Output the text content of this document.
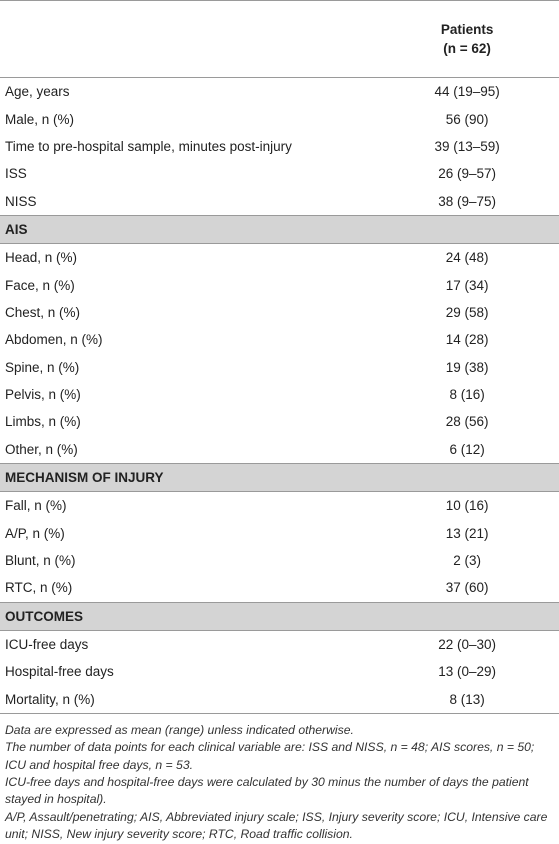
	Patients
(n = 62)

Age, years	44 (19–95)
Male, n (%)	56 (90)
Time to pre-hospital sample, minutes post-injury	39 (13–59)
ISS	26 (9–57)
NISS	38 (9–75)
AIS	
Head, n (%)	24 (48)
Face, n (%)	17 (34)
Chest, n (%)	29 (58)
Abdomen, n (%)	14 (28)
Spine, n (%)	19 (38)
Pelvis, n (%)	8 (16)
Limbs, n (%)	28 (56)
Other, n (%)	6 (12)
MECHANISM OF INJURY	
Fall, n (%)	10 (16)
A/P, n (%)	13 (21)
Blunt, n (%)	2 (3)
RTC, n (%)	37 (60)
OUTCOMES	
ICU-free days	22 (0–30)
Hospital-free days	13 (0–29)
Mortality, n (%)	8 (13)

Data are expressed as mean (range) unless indicated otherwise.

The number of data points for each clinical variable are: ISS and NISS, n = 48; AIS scores, n = 50; ICU and hospital free days, n = 53.

ICU-free days and hospital-free days were calculated by 30 minus the number of days the patient stayed in hospital).

A/P, Assault/penetrating; AIS, Abbreviated injury scale; ISS, Injury severity score; ICU, Intensive care unit; NISS, New injury severity score; RTC, Road traffic collision.
